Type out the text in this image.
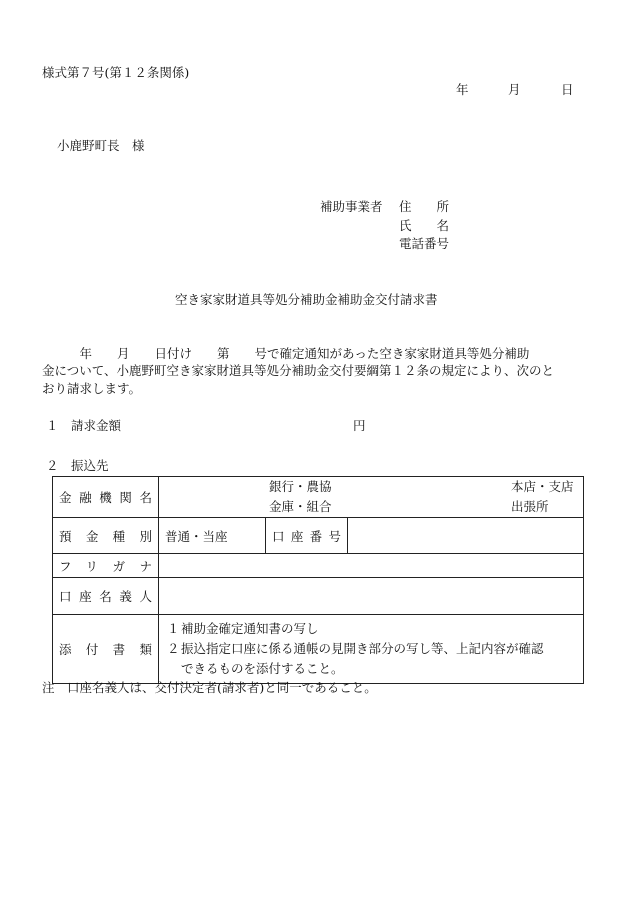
様式第７号(第１２条関係)
年	月	日
小鹿野町長　様
補助事業者 住　　所
氏　　名
電話番号
空き家家財道具等処分補助金補助金交付請求書
　　　年　　月　　日付け　　第　　号で確定通知があった空き家家財道具等処分補助
金について、小鹿野町空き家家財道具等処分補助金交付要綱第１２条の規定により、次のと
おり請求します。
１　請求金額	円
２　振込先
金融機関名	銀行・農協
金庫・組合
本店・支店
出張所		

預金種別	普通・当座	口座番号	

フリガナ			

口座名義人			

添付書類	１補助金確定通知書の写し
２振込指定口座に係る通帳の見開き部分の写し等、上記内容が確認
できるものを添付すること。		
注　口座名義人は、交付決定者(請求者)と同一であること。
